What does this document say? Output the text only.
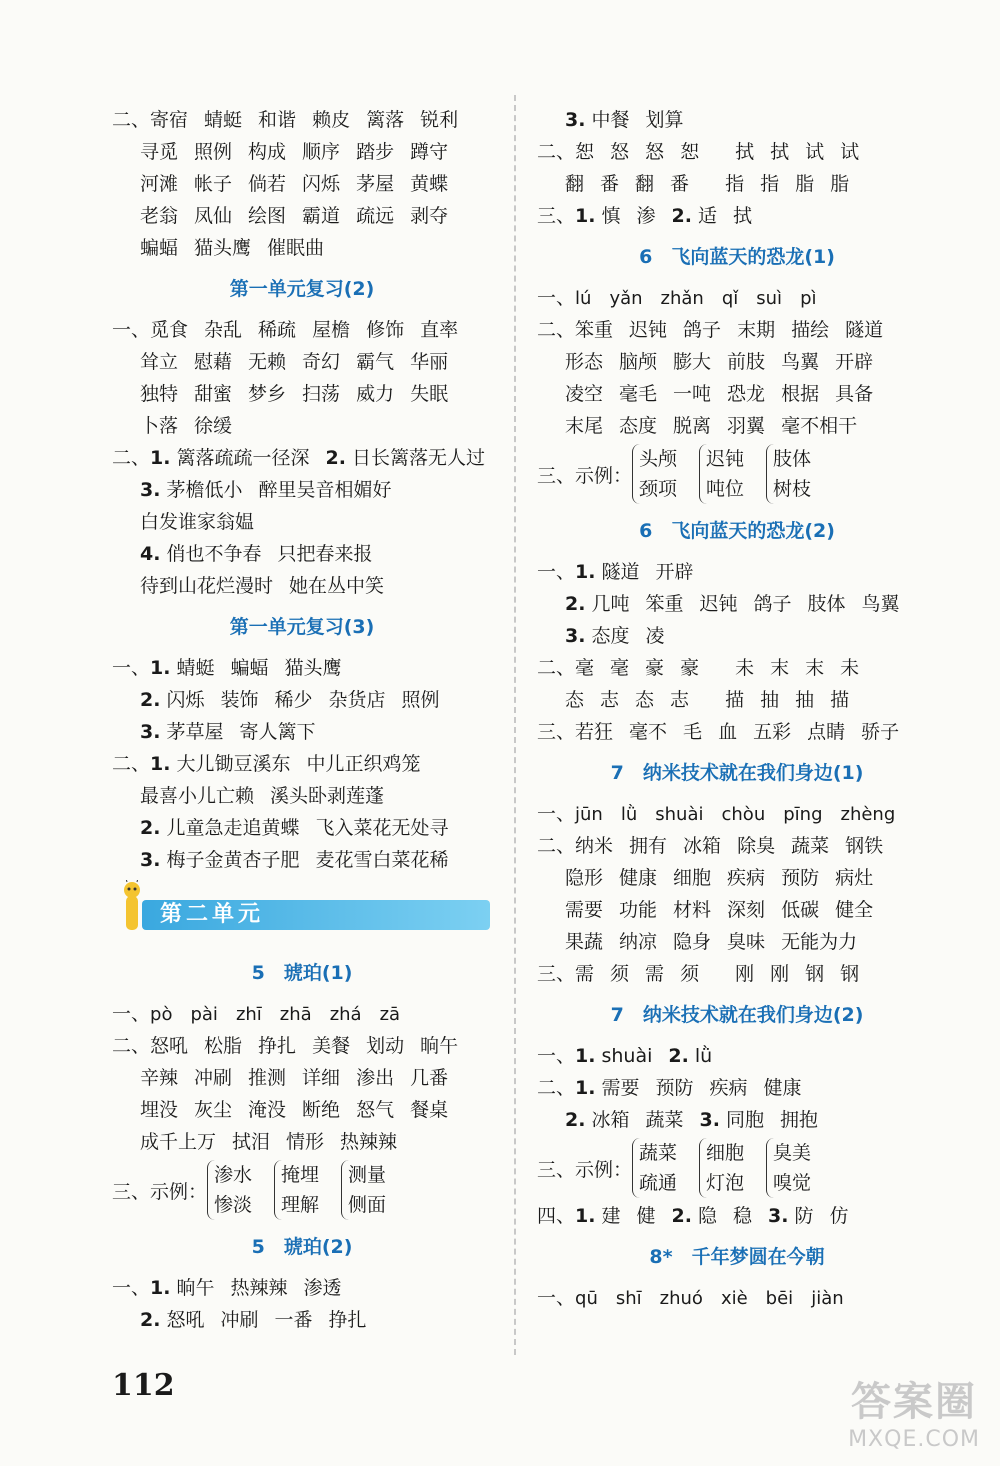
二、寄宿 蜻蜓 和谐 赖皮 篱落 锐利
寻觅 照例 构成 顺序 踏步 蹲守
河滩 帐子 倘若 闪烁 茅屋 黄蝶
老翁 凤仙 绘图 霸道 疏远 剥夺
蝙蝠 猫头鹰 催眠曲
第一单元复习(2)
一、觅食 杂乱 稀疏 屋檐 修饰 直率
耸立 慰藉 无赖 奇幻 霸气 华丽
独特 甜蜜 梦乡 扫荡 威力 失眠
卜落 徐缓
二、1. 篱落疏疏一径深 2. 日长篱落无人过
3. 茅檐低小 醉里吴音相媚好
白发谁家翁媪
4. 俏也不争春 只把春来报
待到山花烂漫时 她在丛中笑
第一单元复习(3)
一、1. 蜻蜓 蝙蝠 猫头鹰
2. 闪烁 装饰 稀少 杂货店 照例
3. 茅草屋 寄人篱下
二、1. 大儿锄豆溪东 中儿正织鸡笼
最喜小儿亡赖 溪头卧剥莲蓬
2. 儿童急走追黄蝶 飞入菜花无处寻
3. 梅子金黄杏子肥 麦花雪白菜花稀
第二单元
5　琥珀(1)
一、pò pài zhī zhā zhá zā
二、怒吼 松脂 挣扎 美餐 划动 晌午
辛辣 冲刷 推测 详细 渗出 几番
埋没 灰尘 淹没 断绝 怒气 餐桌
成千上万 拭泪 情形 热辣辣
三、示例：
渗水
惨淡
掩埋
理解
测量
侧面
5　琥珀(2)
一、1. 晌午 热辣辣 渗透
2. 怒吼 冲刷 一番 挣扎
3. 中餐 划算
二、恕 怒 怒 恕 拭 拭 试 试
翻 番 翻 番 指 指 脂 脂
三、1. 慎 渗 2. 适 拭
6　飞向蓝天的恐龙(1)
一、lú yǎn zhǎn qǐ suì pì
二、笨重 迟钝 鸽子 末期 描绘 隧道
形态 脑颅 膨大 前肢 鸟翼 开辟
凌空 毫毛 一吨 恐龙 根据 具备
末尾 态度 脱离 羽翼 毫不相干
三、示例：
头颅
颈项
迟钝
吨位
肢体
树枝
6　飞向蓝天的恐龙(2)
一、1. 隧道 开辟
2. 几吨 笨重 迟钝 鸽子 肢体 鸟翼
3. 态度 凌
二、毫 毫 豪 豪 未 末 末 未
态 志 态 志 描 抽 抽 描
三、若狂 毫不 毛 血 五彩 点睛 骄子
7　纳米技术就在我们身边(1)
一、jūn lǜ shuài chòu pīng zhèng
二、纳米 拥有 冰箱 除臭 蔬菜 钢铁
隐形 健康 细胞 疾病 预防 病灶
需要 功能 材料 深刻 低碳 健全
果蔬 纳凉 隐身 臭味 无能为力
三、需 须 需 须 刚 刚 钢 钢
7　纳米技术就在我们身边(2)
一、1. shuài 2. lǜ
二、1. 需要 预防 疾病 健康
2. 冰箱 蔬菜 3. 同胞 拥抱
三、示例：
蔬菜
疏通
细胞
灯泡
臭美
嗅觉
四、1. 建 健 2. 隐 稳 3. 防 仿
8*　千年梦圆在今朝
一、qū shī zhuó xiè bēi jiàn
112	答案圈
MXQE.COM
